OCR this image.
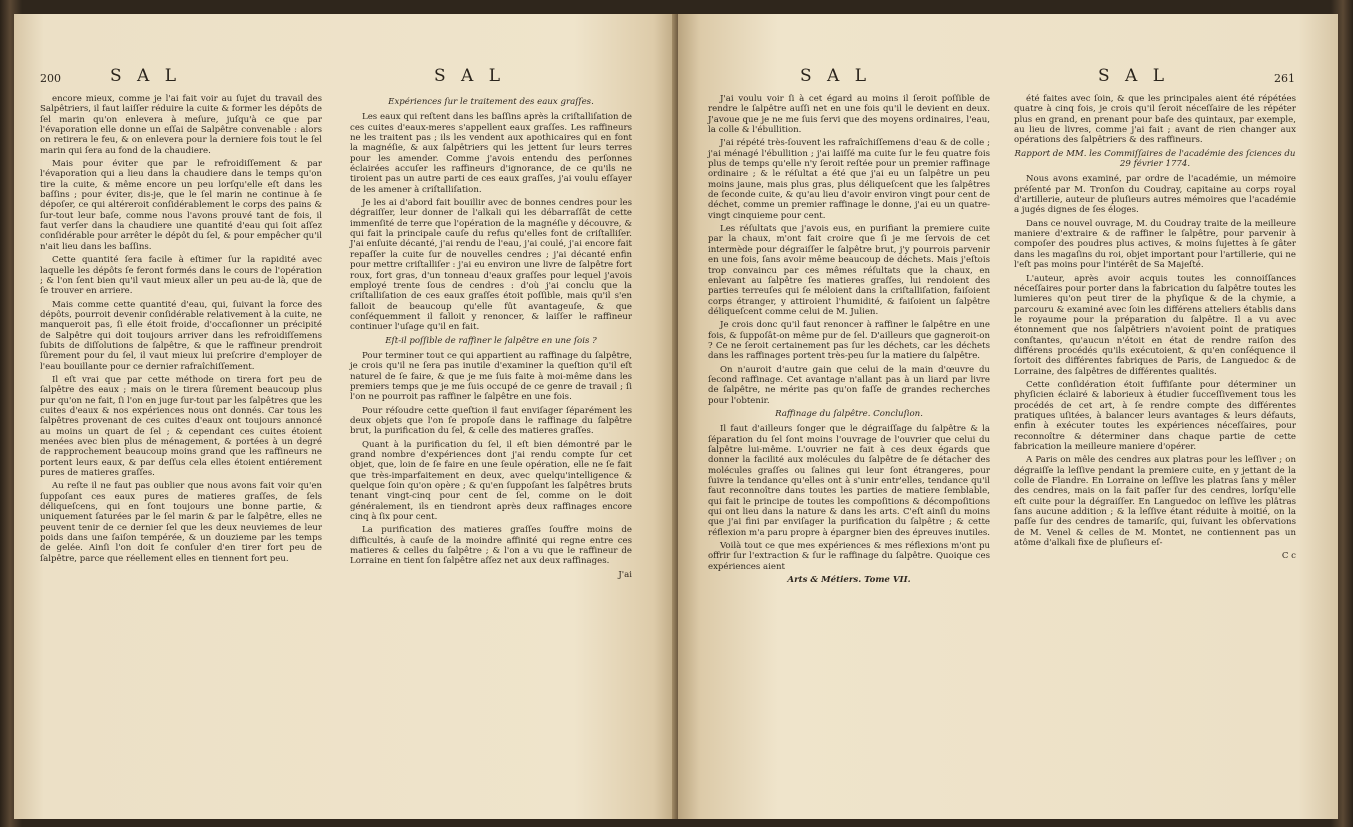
200	S A L	S A L

encore mieux, comme je l'ai fait voir au ſujet du travail des Salpêtriers, il faut laiſſer réduire la cuite & former les dépôts de ſel marin qu'on enlevera à meſure, juſqu'à ce que par l'évaporation elle donne un eſſai de Salpêtre convenable : alors on retirera le feu, & on enlevera pour la derniere fois tout le ſel marin qui ſera au fond de la chaudiere.

Mais pour éviter que par le refroidiſſement & par l'évaporation qui a lieu dans la chaudiere dans le temps qu'on tire la cuite, & même encore un peu lorſqu'elle eſt dans les baſſins ; pour éviter, dis-je, que le ſel marin ne continue à ſe dépoſer, ce qui altéreroit conſidérablement le corps des pains & ſur-tout leur baſe, comme nous l'avons prouvé tant de fois, il faut verſer dans la chaudiere une quantité d'eau qui ſoit aſſez conſidérable pour arrêter le dépôt du ſel, & pour empêcher qu'il n'ait lieu dans les baſſins.

Cette quantité ſera facile à eſtimer ſur la rapidité avec laquelle les dépôts ſe feront formés dans le cours de l'opération ; & l'on ſent bien qu'il vaut mieux aller un peu au-de là, que de ſe trouver en arriere.

Mais comme cette quantité d'eau, qui, ſuivant la force des dépôts, pourroit devenir conſidérable relativement à la cuite, ne manqueroit pas, ſi elle étoit froide, d'occaſionner un précipité de Salpêtre qui doit toujours arriver dans les refroidiſſemens ſubits de diſſolutions de ſalpêtre, & que le raffineur prendroit ſûrement pour du ſel, il vaut mieux lui preſcrire d'employer de l'eau bouillante pour ce dernier rafraîchiſſement.

Il eſt vrai que par cette méthode on tirera fort peu de ſalpêtre des eaux ; mais on le tirera ſûrement beaucoup plus pur qu'on ne fait, ſi l'on en juge ſur-tout par les ſalpêtres que les cuites d'eaux & nos expériences nous ont donnés. Car tous les ſalpêtres provenant de ces cuites d'eaux ont toujours annoncé au moins un quart de ſel ; & cependant ces cuites étoient menées avec bien plus de ménagement, & portées à un degré de rapprochement beaucoup moins grand que les raffineurs ne portent leurs eaux, & par deſſus cela elles étoient entiérement pures de matieres graſſes.

Au reſte il ne faut pas oublier que nous avons fait voir qu'en ſuppoſant ces eaux pures de matieres graſſes, de ſels déliqueſcens, qui en ſont toujours une bonne partie, & uniquement ſaturées par le ſel marin & par le ſalpêtre, elles ne peuvent tenir de ce dernier ſel que les deux neuviemes de leur poids dans une ſaiſon tempérée, & un douzieme par les temps de gelée. Ainſi l'on doit ſe conſuler d'en tirer fort peu de ſalpêtre, parce que réellement elles en tiennent fort peu.

Expériences ſur le traitement des eaux graſſes.

Les eaux qui reſtent dans les baſſins après la criſtalliſation de ces cuites d'eaux-meres s'appellent eaux graſſes. Les raffineurs ne les traitent pas ; ils les vendent aux apothicaires qui en font la magnéſie, & aux ſalpêtriers qui les jettent ſur leurs terres pour les amender. Comme j'avois entendu des perſonnes éclairées accuſer les raffineurs d'ignorance, de ce qu'ils ne tiroient pas un autre parti de ces eaux graſſes, j'ai voulu eſſayer de les amener à criſtalliſation.

Je les ai d'abord fait bouillir avec de bonnes cendres pour les dégraiſſer, leur donner de l'alkali qui les débarraſſât de cette immenſité de terre que l'opération de la magnéſie y découvre, & qui fait la principale cauſe du refus qu'elles font de criſtalliſer. J'ai enſuite décanté, j'ai rendu de l'eau, j'ai coulé, j'ai encore fait repaſſer la cuite ſur de nouvelles cendres ; j'ai décanté enfin pour mettre criſtalliſer : j'ai eu environ une livre de ſalpêtre fort roux, fort gras, d'un tonneau d'eaux graſſes pour lequel j'avois employé trente ſous de cendres : d'où j'ai conclu que la criſtalliſation de ces eaux graſſes étoit poſſible, mais qu'il s'en falloit de beaucoup qu'elle fût avantageuſe, & que conſéquemment il falloit y renoncer, & laiſſer le raffineur continuer l'uſage qu'il en fait.

Eſt-il poſſible de raffiner le ſalpêtre en une ſois ?

Pour terminer tout ce qui appartient au raffinage du ſalpêtre, je crois qu'il ne ſera pas inutile d'examiner la queſtion qu'il eſt naturel de ſe faire, & que je me ſuis faite à moi-même dans les premiers temps que je me ſuis occupé de ce genre de travail ; ſi l'on ne pourroit pas raffiner le ſalpêtre en une fois.

Pour réſoudre cette queſtion il faut enviſager ſéparément les deux objets que l'on ſe propoſe dans le raffinage du ſalpêtre brut, la purification du ſel, & celle des matieres graſſes.

Quant à la purification du ſel, il eſt bien démontré par le grand nombre d'expériences dont j'ai rendu compte ſur cet objet, que, loin de ſe faire en une ſeule opération, elle ne ſe fait que très-imparfaitement en deux, avec quelqu'intelligence & quelque ſoin qu'on opère ; & qu'en ſuppoſant les ſalpêtres bruts tenant vingt-cinq pour cent de ſel, comme on le doit généralement, ils en tiendront après deux raffinages encore cinq à ſix pour cent.

La purification des matieres graſſes ſouffre moins de difficultés, à cauſe de la moindre affinité qui regne entre ces matieres & celles du ſalpêtre ; & l'on a vu que le raffineur de Lorraine en tient ſon ſalpêtre aſſez net aux deux raffinages.

J'ai

S A L	S A L	261

J'ai voulu voir ſi à cet égard au moins il ſeroit poſſible de rendre le ſalpêtre auſſi net en une fois qu'il le devient en deux. J'avoue que je ne me ſuis ſervi que des moyens ordinaires, l'eau, la colle & l'ébullition.

J'ai répété très-ſouvent les rafraîchiſſemens d'eau & de colle ; j'ai ménagé l'ébullition ; j'ai laiſſé ma cuite ſur le feu quatre fois plus de temps qu'elle n'y ſeroit reſtée pour un premier raffinage ordinaire ; & le réſultat a été que j'ai eu un ſalpêtre un peu moins jaune, mais plus gras, plus déliqueſcent que les ſalpêtres de ſeconde cuite, & qu'au lieu d'avoir environ vingt pour cent de déchet, comme un premier raffinage le donne, j'ai eu un quatre-vingt cinquieme pour cent.

Les réſultats que j'avois eus, en purifiant la premiere cuite par la chaux, m'ont fait croire que ſi je me ſervois de cet intermède pour dégraiſſer le ſalpêtre brut, j'y pourrois parvenir en une fois, ſans avoir même beaucoup de déchets. Mais j'eſtois trop convaincu par ces mêmes réſultats que la chaux, en enlevant au ſalpêtre ſes matieres graſſes, lui rendoient des parties terreuſes qui ſe méloient dans la criſtalliſation, faiſoient corps étranger, y attiroient l'humidité, & faiſoient un ſalpêtre déliqueſcent comme celui de M. Julien.

Je crois donc qu'il faut renoncer à raffiner le ſalpêtre en une fois, & ſuppoſât-on même pur de ſel. D'ailleurs que gagneroit-on ? Ce ne ſeroit certainement pas ſur les déchets, car les déchets dans les raffinages portent très-peu ſur la matiere du ſalpêtre.

On n'auroit d'autre gain que celui de la main d'œuvre du ſecond raffinage. Cet avantage n'allant pas à un liard par livre de ſalpêtre, ne mérite pas qu'on faſſe de grandes recherches pour l'obtenir.

Raffinage du ſalpêtre. Concluſion.

Il faut d'ailleurs ſonger que le dégraiſſage du ſalpêtre & la ſéparation du ſel ſont moins l'ouvrage de l'ouvrier que celui du ſalpêtre lui-même. L'ouvrier ne fait à ces deux égards que donner la facilité aux molécules du ſalpêtre de ſe détacher des molécules graſſes ou ſalines qui leur ſont étrangeres, pour ſuivre la tendance qu'elles ont à s'unir entr'elles, tendance qu'il faut reconnoître dans toutes les parties de matiere ſemblable, qui fait le principe de toutes les compoſitions & décompoſitions qui ont lieu dans la nature & dans les arts. C'eſt ainſi du moins que j'ai fini par enviſager la purification du ſalpêtre ; & cette réflexion m'a paru propre à épargner bien des épreuves inutiles.

Voilà tout ce que mes expériences & mes réflexions m'ont pu offrir ſur l'extraction & ſur le raffinage du ſalpêtre. Quoique ces expériences aient

Arts & Métiers. Tome VII.

été faites avec ſoin, & que les principales aient été répétées quatre à cinq fois, je crois qu'il ſeroit néceſſaire de les répéter plus en grand, en prenant pour baſe des quintaux, par exemple, au lieu de livres, comme j'ai fait ; avant de rien changer aux opérations des ſalpêtriers & des raffineurs.

Rapport de MM. les Commiſſaires de l'académie des ſciences du 29 février 1774.

Nous avons examiné, par ordre de l'académie, un mémoire préſenté par M. Tronſon du Coudray, capitaine au corps royal d'artillerie, auteur de pluſieurs autres mémoires que l'académie a jugés dignes de ſes éloges.

Dans ce nouvel ouvrage, M. du Coudray traite de la meilleure maniere d'extraire & de raffiner le ſalpêtre, pour parvenir à compoſer des poudres plus actives, & moins ſujettes à ſe gâter dans les magaſins du roi, objet important pour l'artillerie, qui ne l'eſt pas moins pour l'intérêt de Sa Majeſté.

L'auteur, après avoir acquis toutes les connoiſſances néceſſaires pour porter dans la fabrication du ſalpêtre toutes les lumieres qu'on peut tirer de la phyſique & de la chymie, a parcouru & examiné avec ſoin les différens atteliers établis dans le royaume pour la préparation du ſalpêtre. Il a vu avec étonnement que nos ſalpêtriers n'avoient point de pratiques conſtantes, qu'aucun n'étoit en état de rendre raiſon des différens procédés qu'ils exécutoient, & qu'en conſéquence il ſortoit des différentes fabriques de Paris, de Languedoc & de Lorraine, des ſalpêtres de différentes qualités.

Cette conſidération étoit ſuffiſante pour déterminer un phyſicien éclairé & laborieux à étudier ſucceſſivement tous les procédés de cet art, à ſe rendre compte des différentes pratiques uſitées, à balancer leurs avantages & leurs défauts, enfin à exécuter toutes les expériences néceſſaires, pour reconnoître & déterminer dans chaque partie de cette fabrication la meilleure maniere d'opérer.

A Paris on mêle des cendres aux platras pour les leſſiver ; on dégraiſſe la leſſive pendant la premiere cuite, en y jettant de la colle de Flandre. En Lorraine on leſſive les platras ſans y mêler des cendres, mais on la fait paſſer ſur des cendres, lorſqu'elle eſt cuite pour la dégraiſſer. En Languedoc on leſſive les plâtras ſans aucune addition ; & la leſſive étant réduite à moitié, on la paſſe ſur des cendres de tamariſc, qui, ſuivant les obſervations de M. Venel & celles de M. Montet, ne contiennent pas un atôme d'alkali fixe de pluſieurs eſ-

C c
